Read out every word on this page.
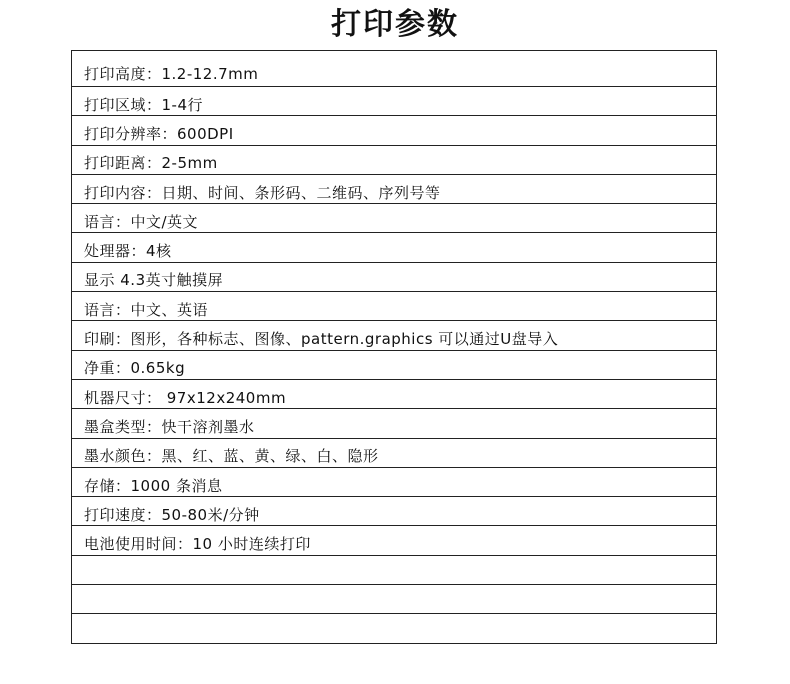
打印参数
打印高度：1.2-12.7mm
打印区域：1-4行
打印分辨率：600DPI
打印距离：2-5mm
打印内容：日期、时间、条形码、二维码、序列号等
语言：中文/英文
处理器：4核
显示 4.3英寸触摸屏
语言：中文、英语
印刷：图形，各种标志、图像、pattern.graphics 可以通过U盘导入
净重：0.65kg
机器尺寸： 97x12x240mm
墨盒类型：快干溶剂墨水
墨水颜色：黑、红、蓝、黄、绿、白、隐形
存储：1000 条消息
打印速度：50-80米/分钟
电池使用时间：10 小时连续打印
